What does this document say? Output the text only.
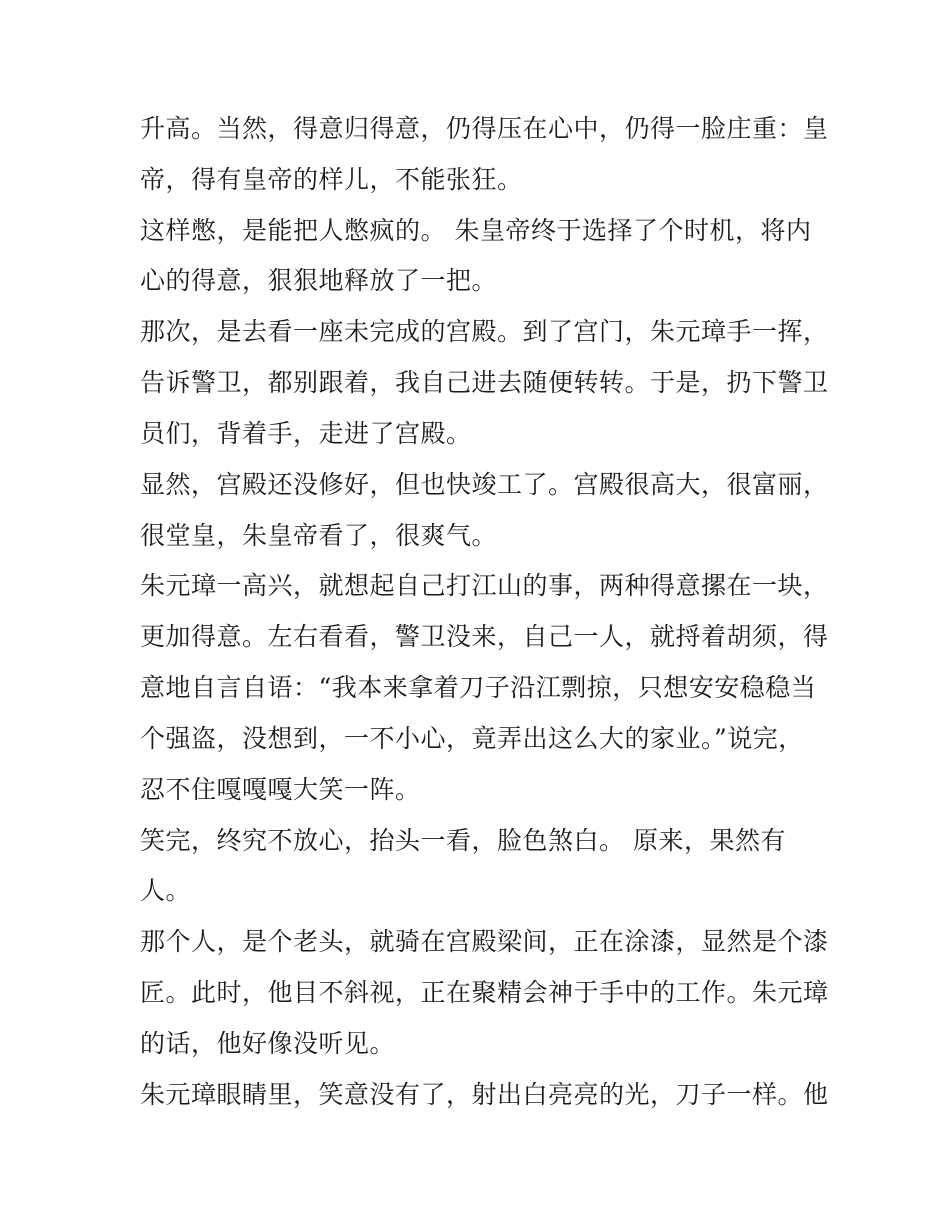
升高。当然，得意归得意，仍得压在心中，仍得一脸庄重：皇
帝，得有皇帝的样儿，不能张狂。
这样憋，是能把人憋疯的。 朱皇帝终于选择了个时机，将内
心的得意，狠狠地释放了一把。
那次，是去看一座未完成的宫殿。到了宫门，朱元璋手一挥，
告诉警卫，都别跟着，我自己进去随便转转。于是，扔下警卫
员们，背着手，走进了宫殿。
显然，宫殿还没修好，但也快竣工了。宫殿很高大，很富丽，
很堂皇，朱皇帝看了，很爽气。
朱元璋一高兴，就想起自己打江山的事，两种得意摞在一块，
更加得意。左右看看，警卫没来，自己一人，就捋着胡须，得
意地自言自语：“我本来拿着刀子沿江剽掠，只想安安稳稳当
个强盗，没想到，一不小心，竟弄出这么大的家业。”说完，
忍不住嘎嘎嘎大笑一阵。
笑完，终究不放心，抬头一看，脸色煞白。 原来，果然有
人。
那个人，是个老头，就骑在宫殿梁间，正在涂漆，显然是个漆
匠。此时，他目不斜视，正在聚精会神于手中的工作。朱元璋
的话，他好像没听见。
朱元璋眼睛里，笑意没有了，射出白亮亮的光，刀子一样。他
